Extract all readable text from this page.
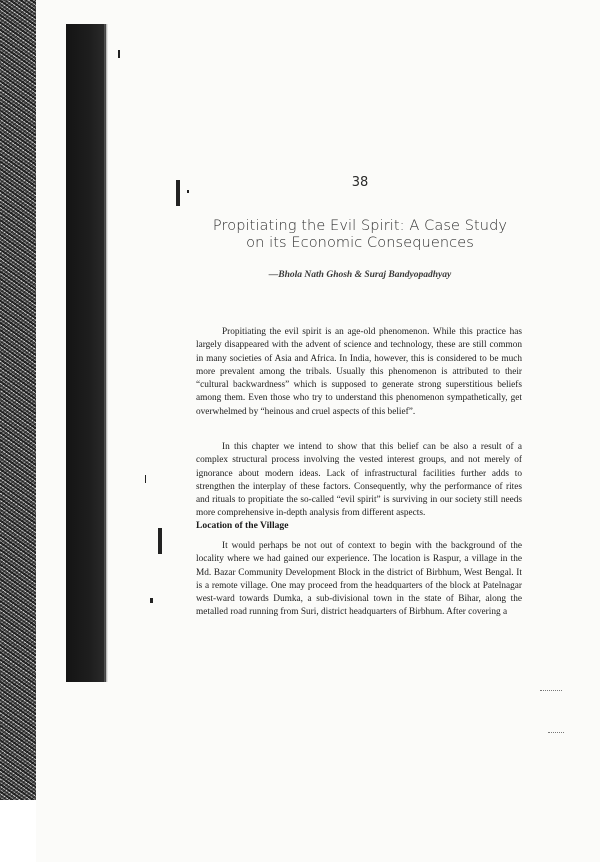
38
Propitiating the Evil Spirit: A Case Study
on its Economic Consequences
—Bhola Nath Ghosh & Suraj Bandyopadhyay

Propitiating the evil spirit is an age-old phenomenon. While this practice has largely disappeared with the advent of science and technology, these are still common in many societies of Asia and Africa. In India, however, this is considered to be much more prevalent among the tribals. Usually this phenomenon is attributed to their “cultural backwardness” which is supposed to generate strong superstitious beliefs among them. Even those who try to understand this phenomenon sympathetically, get overwhelmed by “heinous and cruel aspects of this belief”.

In this chapter we intend to show that this belief can be also a result of a complex structural process involving the vested interest groups, and not merely of ignorance about modern ideas. Lack of infrastructural facilities further adds to strengthen the interplay of these factors. Consequently, why the performance of rites and rituals to propitiate the so-called “evil spirit” is surviving in our society still needs more comprehensive in-depth analysis from different aspects.

Location of the Village

It would perhaps be not out of context to begin with the background of the locality where we had gained our experience. The location is Raspur, a village in the Md. Bazar Community Development Block in the district of Birbhum, West Bengal. It is a remote village. One may proceed from the headquarters of the block at Patelnagar west-ward towards Dumka, a sub-divisional town in the state of Bihar, along the metalled road running from Suri, district headquarters of Birbhum. After covering a
